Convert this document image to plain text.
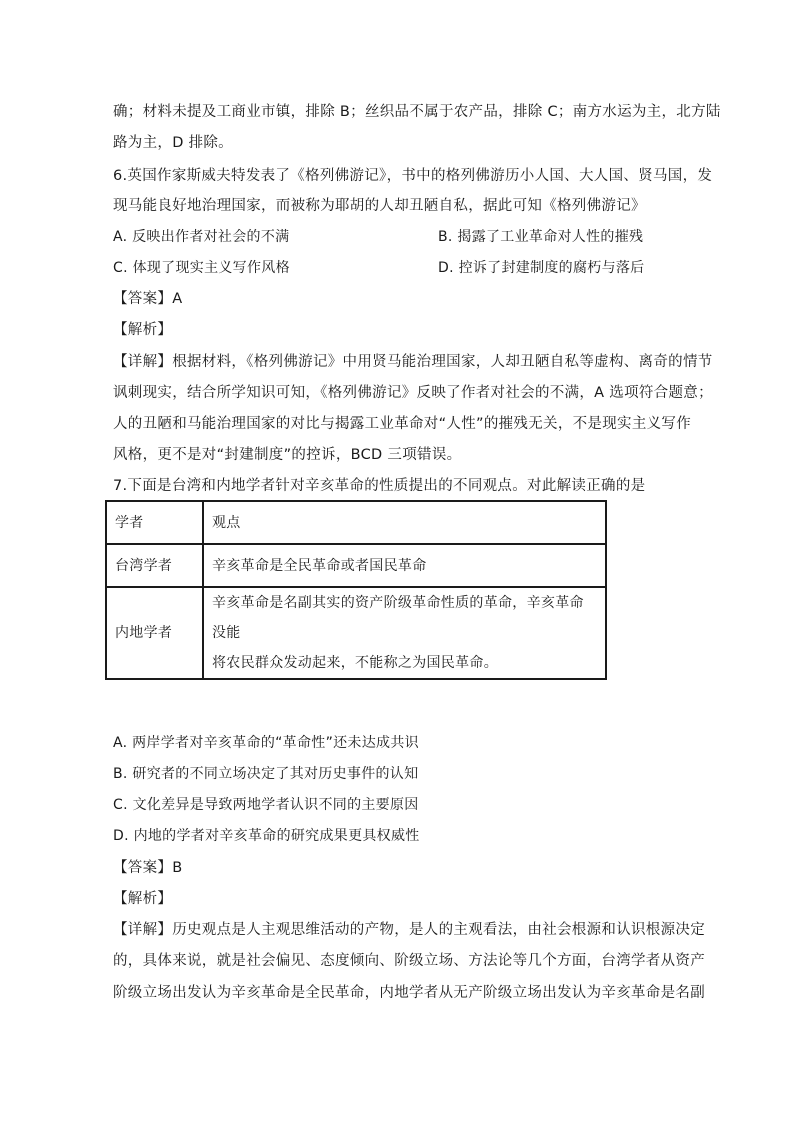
确；材料未提及工商业市镇，排除 B；丝织品不属于农产品，排除 C；南方水运为主，北方陆
路为主，D 排除。
6.英国作家斯威夫特发表了《格列佛游记》，书中的格列佛游历小人国、大人国、贤马国，发
现马能良好地治理国家，而被称为耶胡的人却丑陋自私，据此可知《格列佛游记》
A. 反映出作者对社会的不满	B. 揭露了工业革命对人性的摧残
C. 体现了现实主义写作风格	D. 控诉了封建制度的腐朽与落后
【答案】A
【解析】
【详解】根据材料，《格列佛游记》中用贤马能治理国家，人却丑陋自私等虚构、离奇的情节
讽刺现实，结合所学知识可知，《格列佛游记》反映了作者对社会的不满，A 选项符合题意；
人的丑陋和马能治理国家的对比与揭露工业革命对“人性”的摧残无关，不是现实主义写作
风格，更不是对“封建制度”的控诉，BCD 三项错误。
7.下面是台湾和内地学者针对辛亥革命的性质提出的不同观点。对此解读正确的是
学者	观点
台湾学者	辛亥革命是全民革命或者国民革命
内地学者	辛亥革命是名副其实的资产阶级革命性质的革命，辛亥革命没能
将农民群众发动起来，不能称之为国民革命。
A. 两岸学者对辛亥革命的“革命性”还未达成共识
B. 研究者的不同立场决定了其对历史事件的认知
C. 文化差异是导致两地学者认识不同的主要原因
D. 内地的学者对辛亥革命的研究成果更具权威性
【答案】B
【解析】
【详解】历史观点是人主观思维活动的产物，是人的主观看法，由社会根源和认识根源决定
的，具体来说，就是社会偏见、态度倾向、阶级立场、方法论等几个方面，台湾学者从资产
阶级立场出发认为辛亥革命是全民革命，内地学者从无产阶级立场出发认为辛亥革命是名副
